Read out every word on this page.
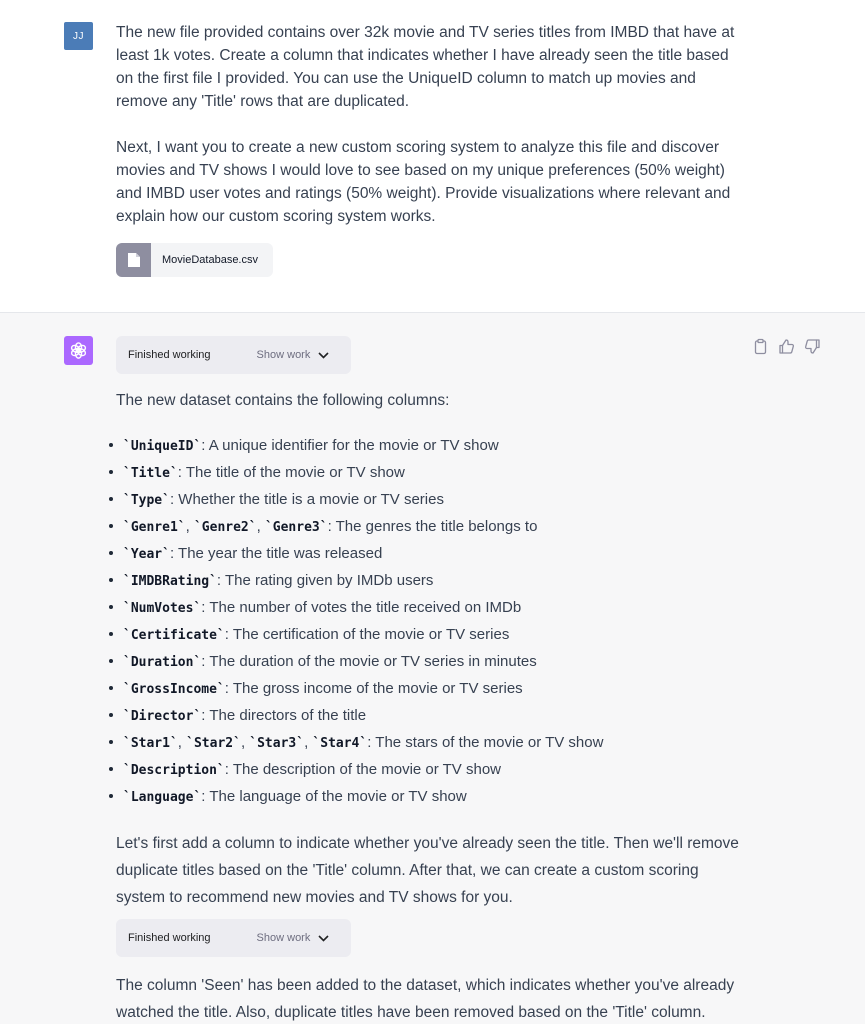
JJ	The new file provided contains over 32k movie and TV series titles from IMBD that have at least 1k votes. Create a column that indicates whether I have already seen the title based on the first file I provided. You can use the UniqueID column to match up movies and remove any 'Title' rows that are duplicated.

Next, I want you to create a new custom scoring system to analyze this file and discover movies and TV shows I would love to see based on my unique preferences (50% weight) and IMBD user votes and ratings (50% weight). Provide visualizations where relevant and explain how our custom scoring system works.

MovieDatabase.csv
Finished working	Show work

The new dataset contains the following columns:

`UniqueID`: A unique identifier for the movie or TV show
`Title`: The title of the movie or TV show
`Type`: Whether the title is a movie or TV series
`Genre1`, `Genre2`, `Genre3`: The genres the title belongs to
`Year`: The year the title was released
`IMDBRating`: The rating given by IMDb users
`NumVotes`: The number of votes the title received on IMDb
`Certificate`: The certification of the movie or TV series
`Duration`: The duration of the movie or TV series in minutes
`GrossIncome`: The gross income of the movie or TV series
`Director`: The directors of the title
`Star1`, `Star2`, `Star3`, `Star4`: The stars of the movie or TV show
`Description`: The description of the movie or TV show
`Language`: The language of the movie or TV show

Let's first add a column to indicate whether you've already seen the title. Then we'll remove duplicate titles based on the 'Title' column. After that, we can create a custom scoring system to recommend new movies and TV shows for you.

Finished working	Show work

The column 'Seen' has been added to the dataset, which indicates whether you've already watched the title. Also, duplicate titles have been removed based on the 'Title' column.
